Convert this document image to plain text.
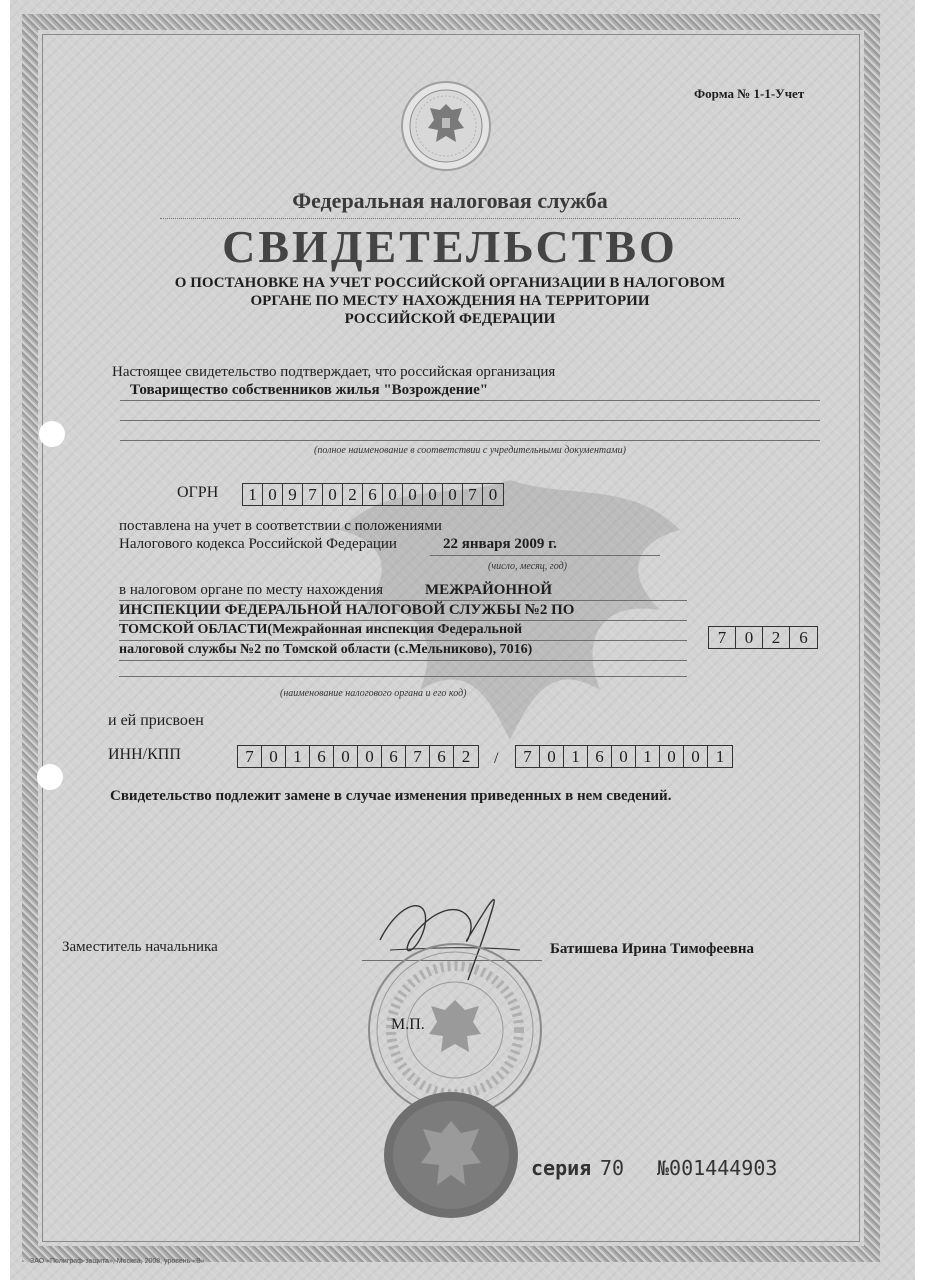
Форма № 1-1-Учет
Федеральная налоговая служба
СВИДЕТЕЛЬСТВО
О ПОСТАНОВКЕ НА УЧЕТ РОССИЙСКОЙ ОРГАНИЗАЦИИ В НАЛОГОВОМ
ОРГАНЕ ПО МЕСТУ НАХОЖДЕНИЯ НА ТЕРРИТОРИИ
РОССИЙСКОЙ ФЕДЕРАЦИИ
Настоящее свидетельство подтверждает, что российская организация
Товарищество собственников жилья "Возрождение"
(полное наименование в соответствии с учредительными документами)
ОГРН	1 0 9 7 0 2 6 0 0 0 0 7 0
поставлена на учет в соответствии с положениями
Налогового кодекса Российской Федерации	22 января 2009 г.
(число, месяц, год)
в налоговом органе по месту нахождения	МЕЖРАЙОННОЙ
ИНСПЕКЦИИ ФЕДЕРАЛЬНОЙ НАЛОГОВОЙ СЛУЖБЫ №2 ПО
ТОМСКОЙ ОБЛАСТИ(Межрайонная инспекция Федеральной
налоговой службы №2 по Томской области (с.Мельниково), 7016)
(наименование налогового органа и его код)
7	0	2	6
и ей присвоен
ИНН/КПП	7 0 1 6 0 0 6 7 6 2	/	7 0 1 6 0 1 0 0 1
Свидетельство подлежит замене в случае изменения приведенных в нем сведений.
Заместитель начальника	Батишева Ирина Тимофеевна
М.П.
серия 70 №001444903
ЗАО «Полиграф-защита», Москва, 2008, уровень «В»
